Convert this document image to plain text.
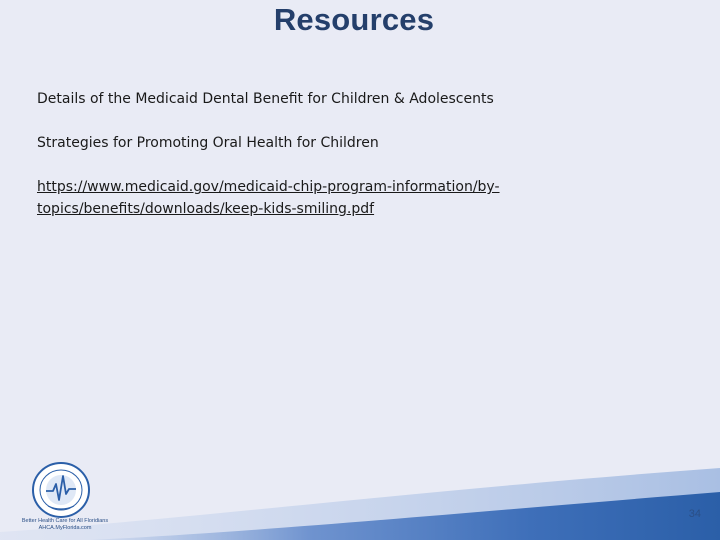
Resources
Details of the Medicaid Dental Benefit for Children & Adolescents
Strategies for Promoting Oral Health for Children
https://www.medicaid.gov/medicaid-chip-program-information/by-
topics/benefits/downloads/keep-kids-smiling.pdf
Better Health Care for All Floridians
AHCA.MyFlorida.com
34
